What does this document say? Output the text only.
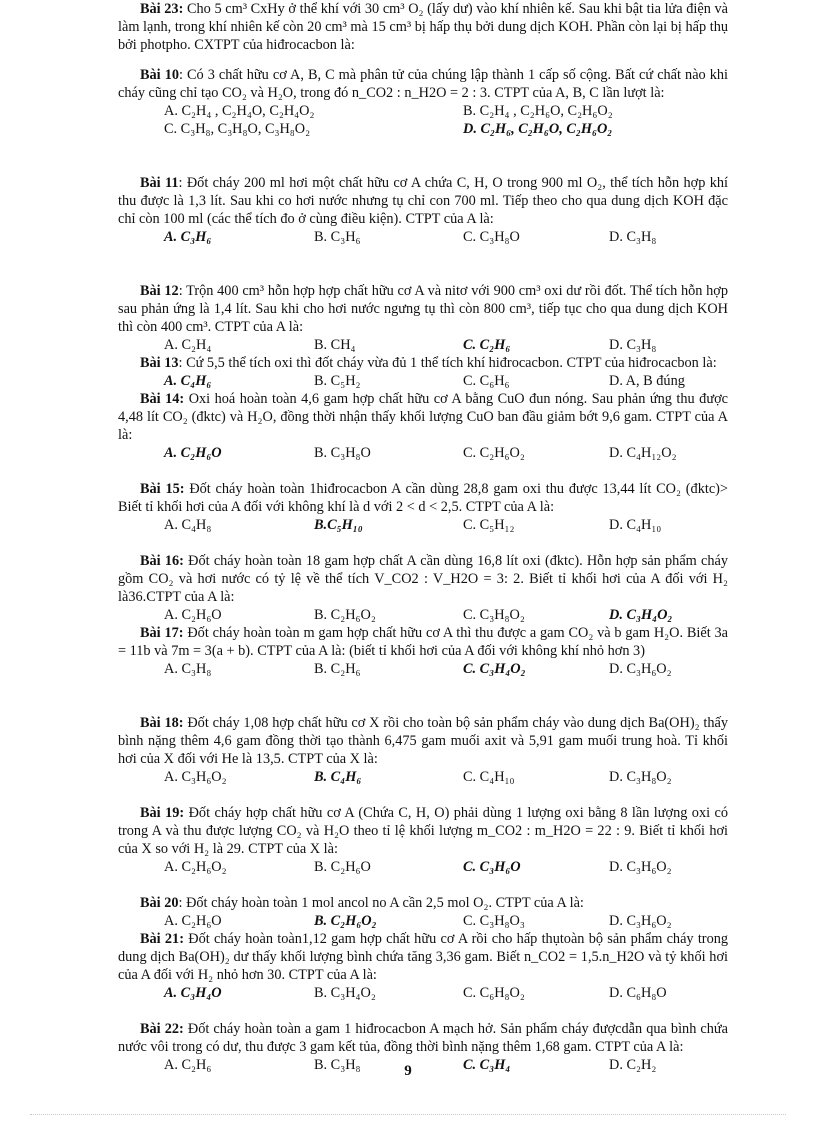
Bài 10: Có 3 chất hữu cơ A, B, C mà phân tử của chúng lập thành 1 cấp số cộng. Bất cứ chất nào khi cháy cũng chỉ tạo CO₂ và H₂O, trong đó n_CO2 : n_H2O = 2 : 3. CTPT của A, B, C lần lượt là:

A. C₂H₄ , C₂H₄O, C₂H₄O₂	B. C₂H₄ , C₂H₆O, C₂H₆O₂
C. C₃H₈, C₃H₈O, C₃H₈O₂	D. C₂H₆, C₂H₆O, C₂H₆O₂

Bài 11: Đốt cháy 200 ml hơi một chất hữu cơ A chứa C, H, O trong 900 ml O₂, thể tích hỗn hợp khí thu được là 1,3 lít. Sau khi co hơi nước nhưng tụ chỉ con 700 ml. Tiếp theo cho qua dung dịch KOH đặc chỉ còn 100 ml (các thể tích đo ở cùng điều kiện). CTPT của A là:

A. C₃H₆	B. C₃H₆	C. C₃H₈O	D. C₃H₈

Bài 12: Trộn 400 cm³ hỗn hợp hợp chất hữu cơ A và nitơ với 900 cm³ oxi dư rồi đốt. Thể tích hỗn hợp sau phản ứng là 1,4 lít. Sau khi cho hơi nước ngưng tụ thì còn 800 cm³, tiếp tục cho qua dung dịch KOH thì còn 400 cm³. CTPT của A là:

A. C₂H₄	B. CH₄	C. C₂H₆	D. C₃H₈

Bài 13: Cứ 5,5 thể tích oxi thì đốt cháy vừa đủ 1 thể tích khí hiđrocacbon. CTPT của hiđrocacbon là:

A. C₄H₆	B. C₅H₂	C. C₆H₆	D. A, B đúng

Bài 14: Oxi hoá hoàn toàn 4,6 gam hợp chất hữu cơ A bằng CuO đun nóng. Sau phản ứng thu được 4,48 lít CO₂ (đktc) và H₂O, đồng thời nhận thấy khối lượng CuO ban đầu giảm bớt 9,6 gam. CTPT của A là:

A. C₂H₆O	B. C₃H₈O	C. C₂H₆O₂	D. C₄H₁₂O₂

Bài 15: Đốt cháy hoàn toàn 1hiđrocacbon A cần dùng 28,8 gam oxi thu được 13,44 lít CO₂ (đktc)> Biết tỉ khối hơi của A đối với không khí là d với 2 < d < 2,5. CTPT của A là:

A. C₄H₈	B.C₅H₁₀	C. C₅H₁₂	D. C₄H₁₀

Bài 16: Đốt cháy hoàn toàn 18 gam hợp chất A cần dùng 16,8 lít oxi (đktc). Hỗn hợp sản phẩm cháy gồm CO₂ và hơi nước có tỷ lệ về thể tích V_CO2 : V_H2O = 3: 2. Biết tỉ khối hơi của A đối với H₂ là36.CTPT của A là:

A. C₂H₆O	B. C₂H₆O₂	C. C₃H₈O₂	D. C₃H₄O₂

Bài 17: Đốt cháy hoàn toàn m gam hợp chất hữu cơ A thì thu được a gam CO₂ và b gam H₂O. Biết 3a = 11b và 7m = 3(a + b). CTPT của A là: (biết tỉ khối hơi của A đối với không khí nhỏ hơn 3)

A. C₃H₈	B. C₂H₆	C. C₃H₄O₂	D. C₃H₆O₂

Bài 18: Đốt cháy 1,08 hợp chất hữu cơ X rồi cho toàn bộ sản phẩm cháy vào dung dịch Ba(OH)₂ thấy bình nặng thêm 4,6 gam đồng thời tạo thành 6,475 gam muối axit và 5,91 gam muối trung hoà. Tỉ khối hơi của X đối với He là 13,5. CTPT của X là:

A. C₃H₆O₂	B. C₄H₆	C. C₄H₁₀	D. C₃H₈O₂

Bài 19: Đốt cháy hợp chất hữu cơ A (Chứa C, H, O) phải dùng 1 lượng oxi bằng 8 lần lượng oxi có trong A và thu được lượng CO₂ và H₂O theo tỉ lệ khối lượng m_CO2 : m_H2O = 22 : 9. Biết tỉ khối hơi của X so với H₂ là 29. CTPT của X là:

A. C₂H₆O₂	B. C₂H₆O	C. C₃H₆O	D. C₃H₆O₂

Bài 20: Đốt cháy hoàn toàn 1 mol ancol no A cần 2,5 mol O₂. CTPT của A là:

A. C₂H₆O	B. C₂H₆O₂	C. C₃H₈O₃	D. C₃H₆O₂

Bài 21: Đốt cháy hoàn toàn1,12 gam hợp chất hữu cơ A rồi cho hấp thụtoàn bộ sản phẩm cháy trong dung dịch Ba(OH)₂ dư thấy khối lượng bình chứa tăng 3,36 gam. Biết n_CO2 = 1,5.n_H2O và tỷ khối hơi của A đối với H₂ nhỏ hơn 30. CTPT của A là:

A. C₃H₄O	B. C₃H₄O₂	C. C₆H₈O₂	D. C₆H₈O

Bài 22: Đốt cháy hoàn toàn a gam 1 hiđrocacbon A mạch hở. Sản phẩm cháy đượcdẫn qua bình chứa nước vôi trong có dư, thu được 3 gam kết tủa, đồng thời bình nặng thêm 1,68 gam. CTPT của A là:

A. C₂H₆	B. C₃H₈	C. C₃H₄	D. C₂H₂

Bài 23: Cho 5 cm³ CxHy ở thể khí với 30 cm³ O₂ (lấy dư) vào khí nhiên kế. Sau khi bật tia lửa điện và làm lạnh, trong khí nhiên kế còn 20 cm³ mà 15 cm³ bị hấp thụ bởi dung dịch KOH. Phần còn lại bị hấp thụ bởi photpho. CXTPT của hiđrocacbon là:

9
